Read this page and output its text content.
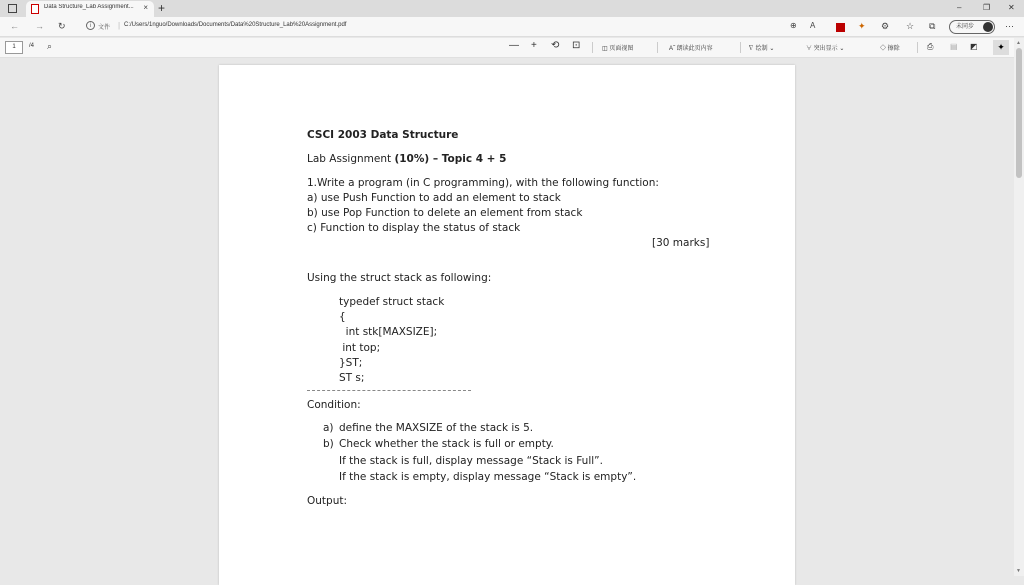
Data Structure_Lab Assignment...	× +	–	❐ ✕
← → ↻	i	文件 | C:/Users/1nguo/Downloads/Documents/Data%20Structure_Lab%20Assignment.pdf	⊕ A	✦ ⚙ ☆ ⧉	未同步	⋯
1	/4 ⌕	— + ⟲ ⊡	◫ 页面视图	A˝ 朗读此页内容	∇ 绘制 ⌄	∀ 突出显示 ⌄	◇ 擦除	⎙ ▤ ◩	✦	▲
▼
CSCI 2003 Data Structure
Lab Assignment (10%) – Topic 4 + 5
1.Write a program (in C programming), with the following function:
a) use Push Function to add an element to stack
b) use Pop Function to delete an element from stack
c) Function to display the status of stack
[30 marks]
Using the struct stack as following:
typedef struct stack
{
int stk[MAXSIZE];
int top;
}ST;
ST s;
Condition:
a) define the MAXSIZE of the stack is 5.
b) Check whether the stack is full or empty.
If the stack is full, display message “Stack is Full”.
If the stack is empty, display message “Stack is empty”.
Output:
